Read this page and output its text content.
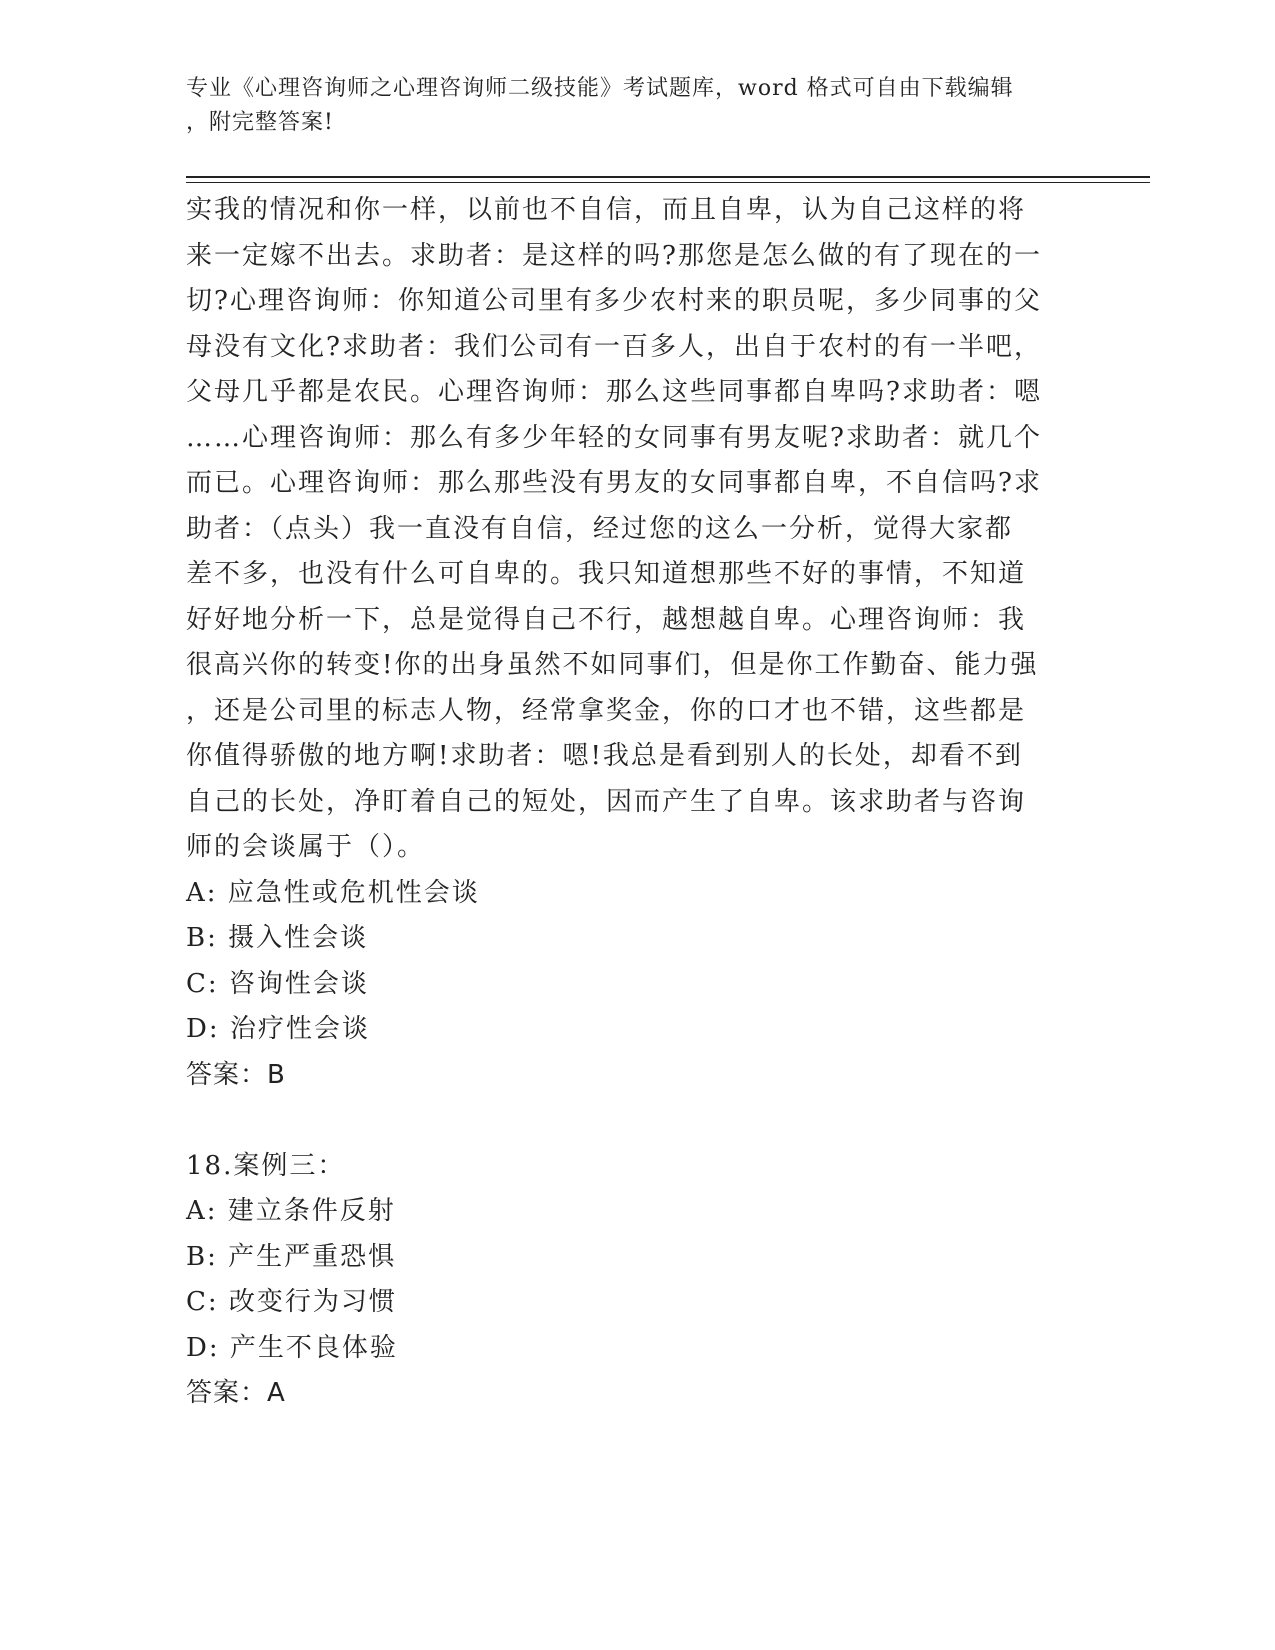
专业《心理咨询师之心理咨询师二级技能》考试题库，word 格式可自由下载编辑
，附完整答案!
实我的情况和你一样，以前也不自信，而且自卑，认为自己这样的将
来一定嫁不出去。求助者：是这样的吗?那您是怎么做的有了现在的一
切?心理咨询师：你知道公司里有多少农村来的职员呢，多少同事的父
母没有文化?求助者：我们公司有一百多人，出自于农村的有一半吧，
父母几乎都是农民。心理咨询师：那么这些同事都自卑吗?求助者：嗯
……心理咨询师：那么有多少年轻的女同事有男友呢?求助者：就几个
而已。心理咨询师：那么那些没有男友的女同事都自卑，不自信吗?求
助者：（点头）我一直没有自信，经过您的这么一分析，觉得大家都
差不多，也没有什么可自卑的。我只知道想那些不好的事情，不知道
好好地分析一下，总是觉得自己不行，越想越自卑。心理咨询师：我
很高兴你的转变!你的出身虽然不如同事们，但是你工作勤奋、能力强
，还是公司里的标志人物，经常拿奖金，你的口才也不错，这些都是
你值得骄傲的地方啊!求助者：嗯!我总是看到别人的长处，却看不到
自己的长处，净盯着自己的短处，因而产生了自卑。该求助者与咨询
师的会谈属于（）。
A: 应急性或危机性会谈
B: 摄入性会谈
C: 咨询性会谈
D: 治疗性会谈
答案：B
18.案例三：
A: 建立条件反射
B: 产生严重恐惧
C: 改变行为习惯
D: 产生不良体验
答案：A
